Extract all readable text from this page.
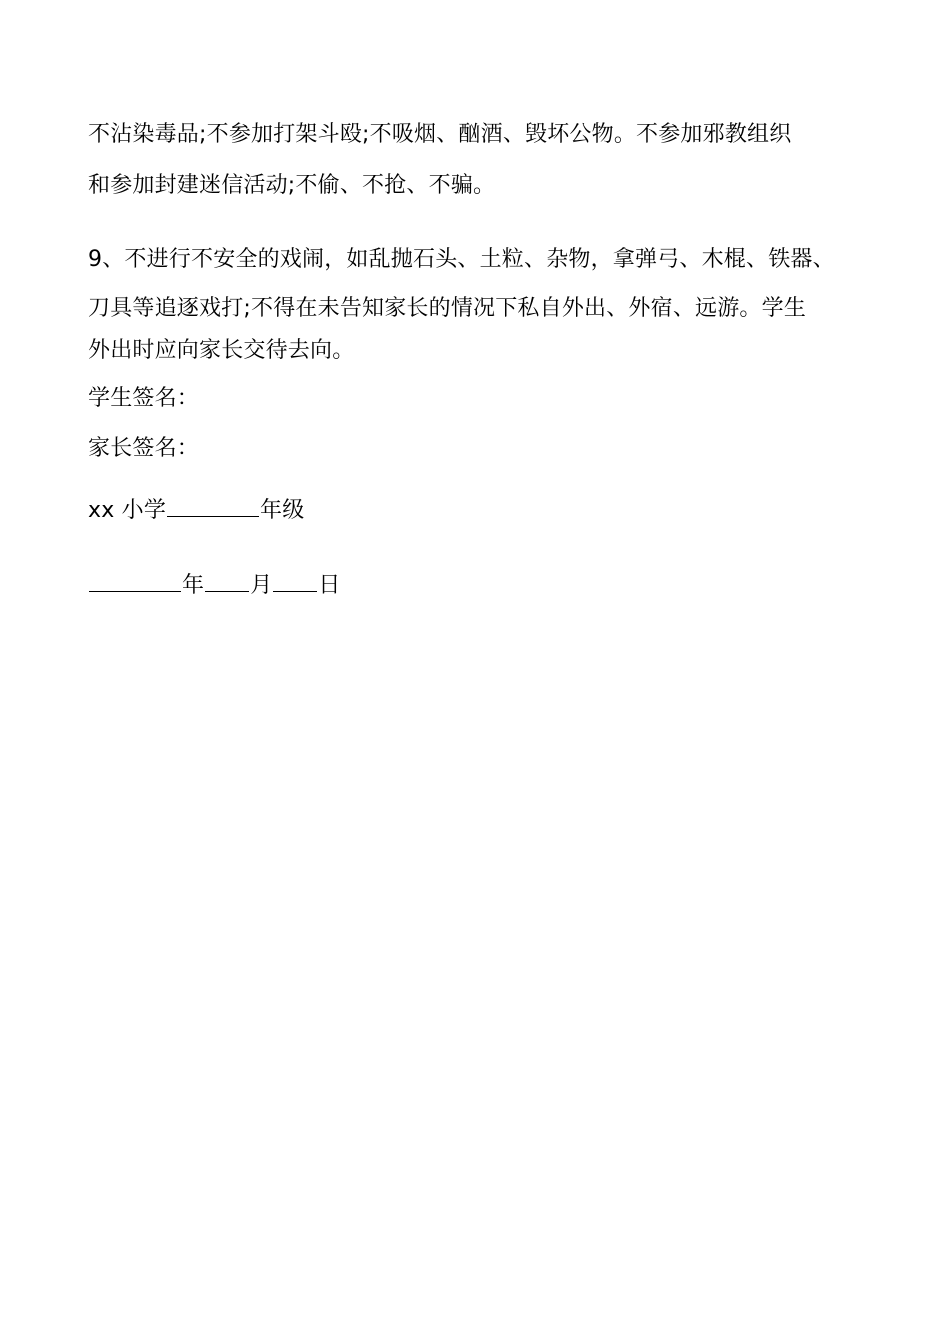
不沾染毒品;不参加打架斗殴;不吸烟、酗酒、毁坏公物。不参加邪教组织

和参加封建迷信活动;不偷、不抢、不骗。

9、不进行不安全的戏闹，如乱抛石头、土粒、杂物，拿弹弓、木棍、铁器、

刀具等追逐戏打;不得在未告知家长的情况下私自外出、外宿、远游。学生

外出时应向家长交待去向。

学生签名：

家长签名：

xx 小学	年级

年 月 日
